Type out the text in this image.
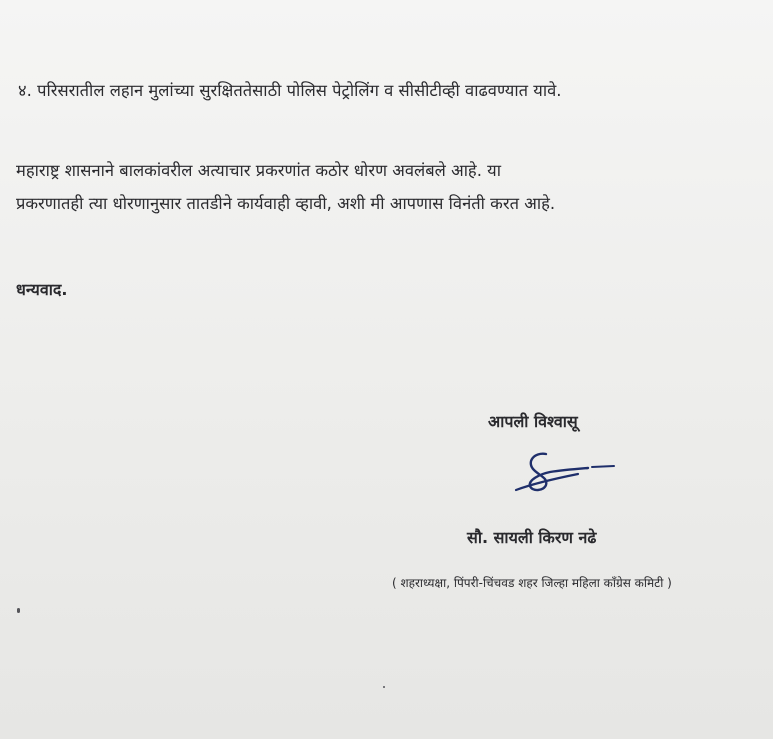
४. परिसरातील लहान मुलांच्या सुरक्षिततेसाठी पोलिस पेट्रोलिंग व सीसीटीव्ही वाढवण्यात यावे.
महाराष्ट्र शासनाने बालकांवरील अत्याचार प्रकरणांत कठोर धोरण अवलंबले आहे. या
प्रकरणातही त्या धोरणानुसार तातडीने कार्यवाही व्हावी, अशी मी आपणास विनंती करत आहे.
धन्यवाद.
आपली विश्वासू
सौ. सायली किरण नढे
( शहराध्यक्षा, पिंपरी-चिंचवड शहर जिल्हा महिला काँग्रेस कमिटी )
